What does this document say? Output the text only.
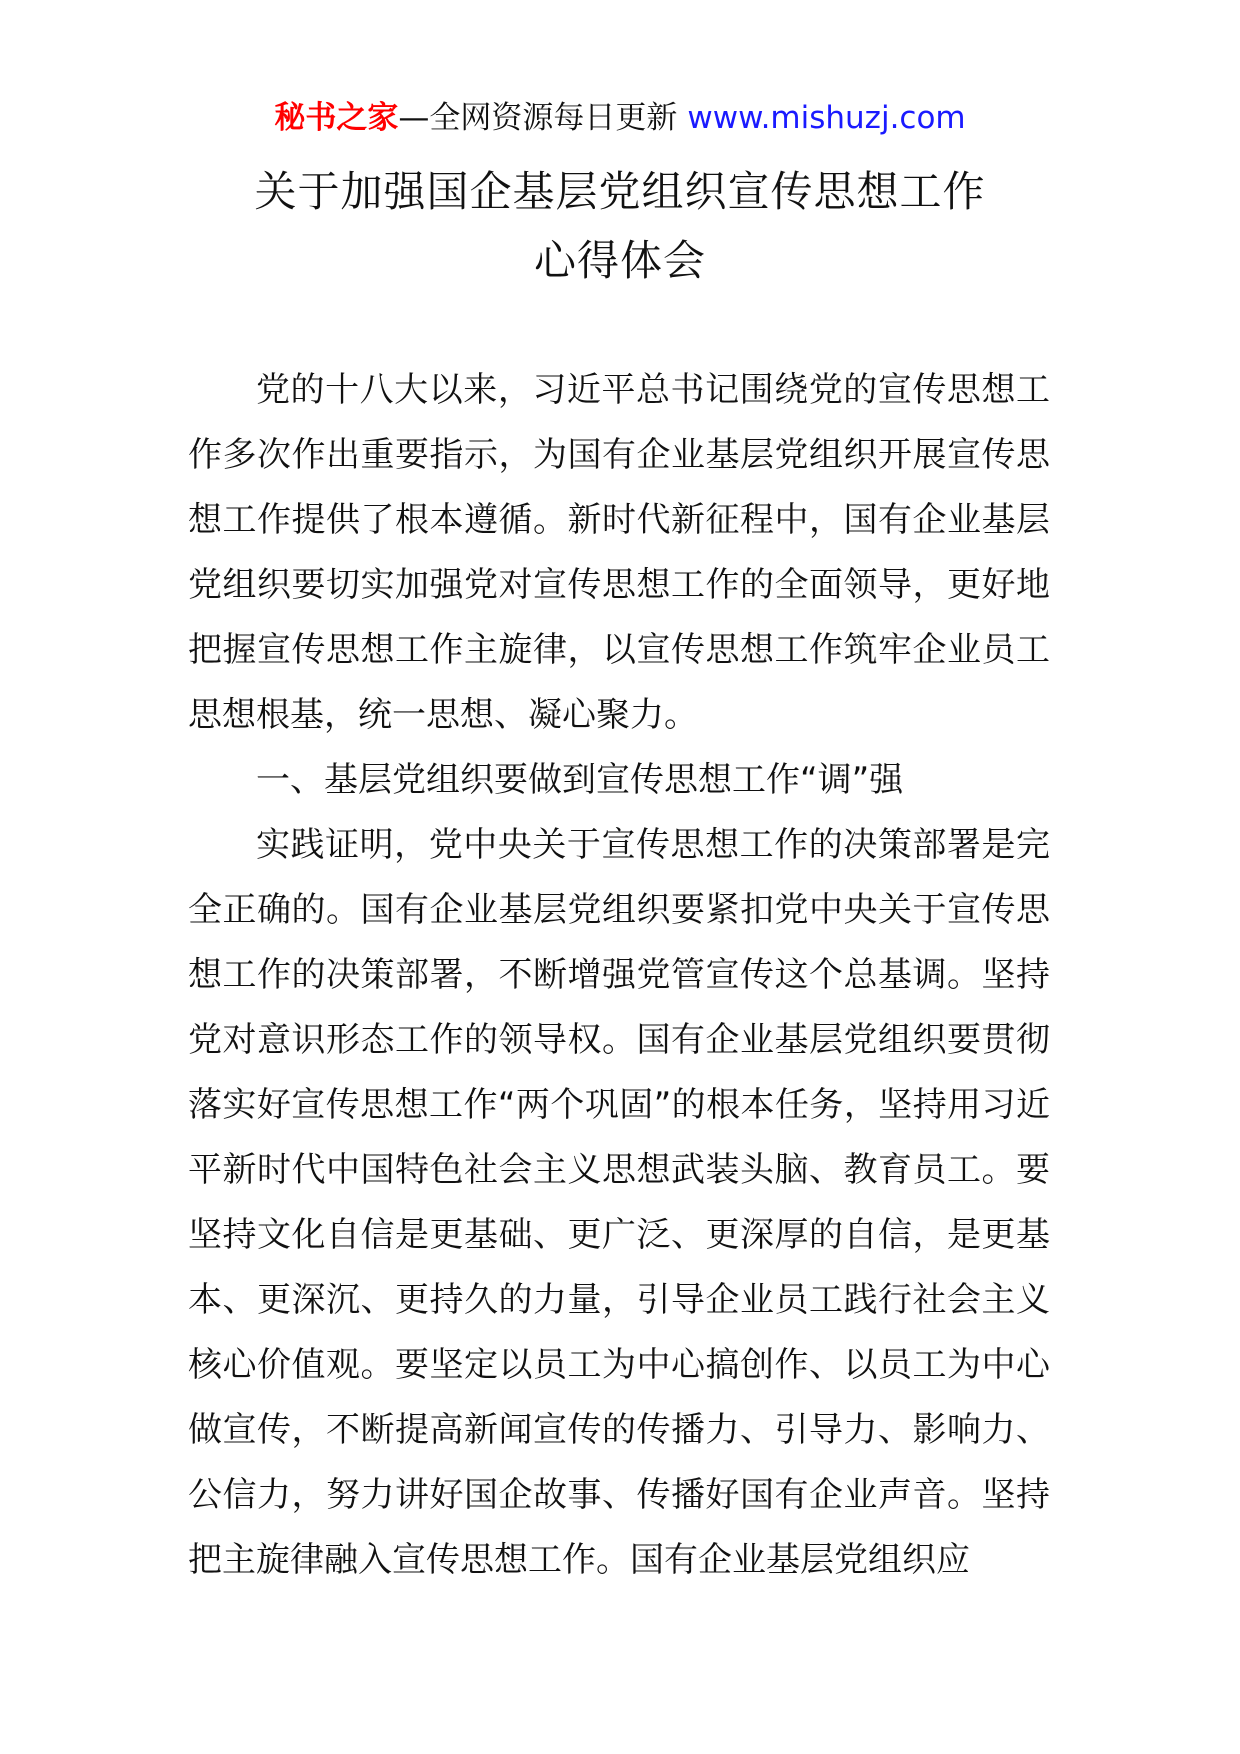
秘书之家—全网资源每日更新 www.mishuzj.com
关于加强国企基层党组织宣传思想工作
心得体会

党的十八大以来，习近平总书记围绕党的宣传思想工作多次作出重要指示，为国有企业基层党组织开展宣传思想工作提供了根本遵循。新时代新征程中，国有企业基层党组织要切实加强党对宣传思想工作的全面领导，更好地把握宣传思想工作主旋律，以宣传思想工作筑牢企业员工思想根基，统一思想、凝心聚力。

一、基层党组织要做到宣传思想工作“调”强

实践证明，党中央关于宣传思想工作的决策部署是完全正确的。国有企业基层党组织要紧扣党中央关于宣传思想工作的决策部署，不断增强党管宣传这个总基调。坚持党对意识形态工作的领导权。国有企业基层党组织要贯彻落实好宣传思想工作“两个巩固”的根本任务，坚持用习近平新时代中国特色社会主义思想武装头脑、教育员工。要坚持文化自信是更基础、更广泛、更深厚的自信，是更基本、更深沉、更持久的力量，引导企业员工践行社会主义核心价值观。要坚定以员工为中心搞创作、以员工为中心做宣传，不断提高新闻宣传的传播力、引导力、影响力、公信力，努力讲好国企故事、传播好国有企业声音。坚持把主旋律融入宣传思想工作。国有企业基层党组织应
